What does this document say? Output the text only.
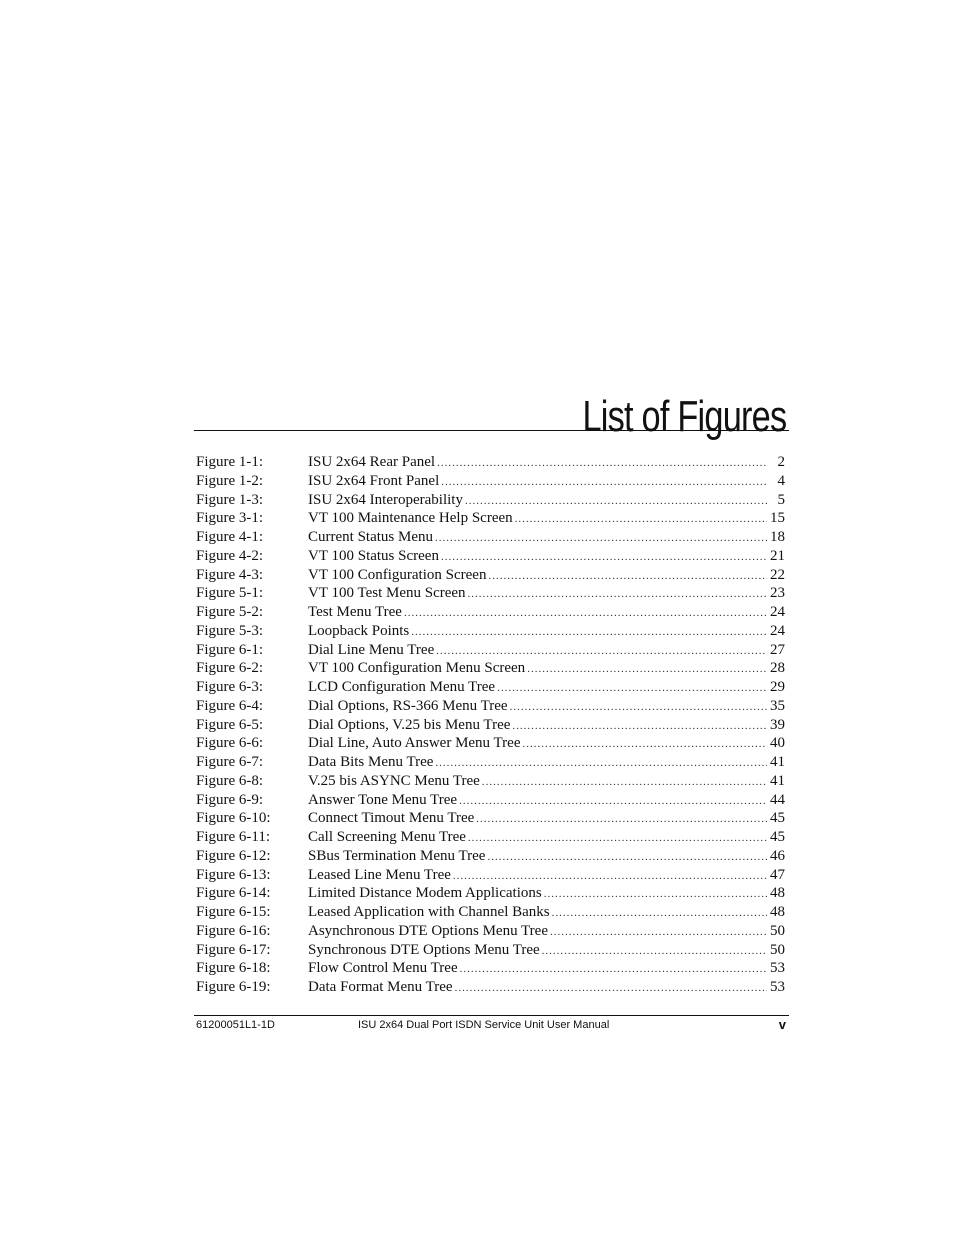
List of Figures
Figure 1-1:	ISU 2x64 Rear Panel .....	2
Figure 1-2:	ISU 2x64 Front Panel .....	4
Figure 1-3:	ISU 2x64 Interoperability .....	5
Figure 3-1:	VT 100 Maintenance Help Screen .....	15
Figure 4-1:	Current Status Menu .....	18
Figure 4-2:	VT 100 Status Screen .....	21
Figure 4-3:	VT 100 Configuration Screen .....	22
Figure 5-1:	VT 100 Test Menu Screen .....	23
Figure 5-2:	Test Menu Tree .....	24
Figure 5-3:	Loopback Points .....	24
Figure 6-1:	Dial Line Menu Tree .....	27
Figure 6-2:	VT 100 Configuration Menu Screen .....	28
Figure 6-3:	LCD Configuration Menu Tree .....	29
Figure 6-4:	Dial Options, RS-366 Menu Tree .....	35
Figure 6-5:	Dial Options, V.25 bis Menu Tree .....	39
Figure 6-6:	Dial Line, Auto Answer Menu Tree .....	40
Figure 6-7:	Data Bits Menu Tree .....	41
Figure 6-8:	V.25 bis ASYNC Menu Tree .....	41
Figure 6-9:	Answer Tone Menu Tree .....	44
Figure 6-10:	Connect Timout Menu Tree .....	45
Figure 6-11:	Call Screening Menu Tree .....	45
Figure 6-12:	SBus Termination Menu Tree .....	46
Figure 6-13:	Leased Line Menu Tree .....	47
Figure 6-14:	Limited Distance Modem Applications .....	48
Figure 6-15:	Leased Application with Channel Banks .....	48
Figure 6-16:	Asynchronous DTE Options Menu Tree .....	50
Figure 6-17:	Synchronous DTE Options Menu Tree .....	50
Figure 6-18:	Flow Control Menu Tree .....	53
Figure 6-19:	Data Format Menu Tree .....	53
61200051L1-1D	ISU 2x64 Dual Port ISDN Service Unit User Manual	v
